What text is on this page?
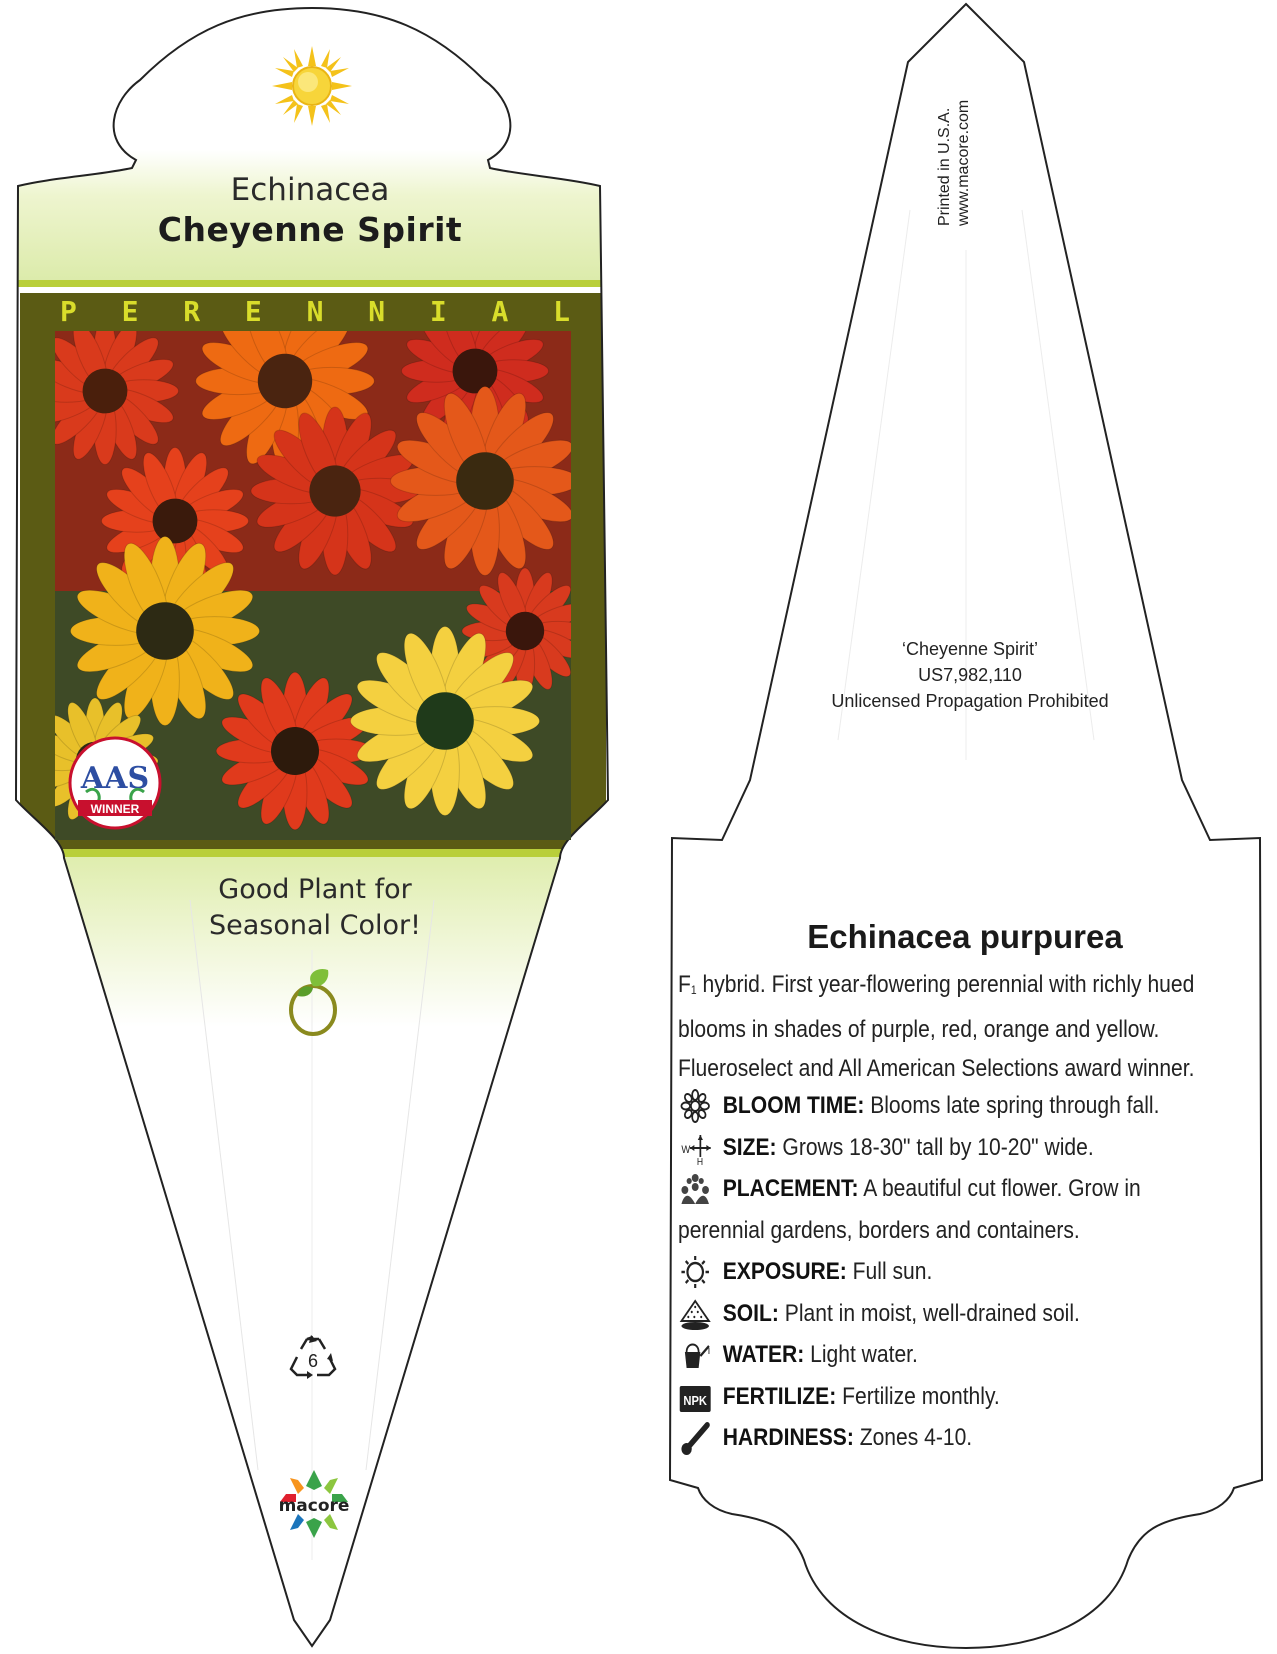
Echinacea
Cheyenne Spirit
P E R E N N I A L
AAS
WINNER
Good Plant for
Seasonal Color!
6
macore
Printed in U.S.A. www.macore.com
‘Cheyenne Spirit’
US7,982,110
Unlicensed Propagation Prohibited
Echinacea purpurea
F1 hybrid. First year-flowering perennial with richly hued
blooms in shades of purple, red, orange and yellow.
Flueroselect and All American Selections award winner.
BLOOM TIME: Blooms late spring through fall.
W
H
SIZE: Grows 18-30" tall by 10-20" wide.
PLACEMENT: A beautiful cut flower. Grow in
perennial gardens, borders and containers.
EXPOSURE: Full sun.
SOIL: Plant in moist, well-drained soil.
WATER: Light water.
NPK FERTILIZE: Fertilize monthly.
HARDINESS: Zones 4-10.
